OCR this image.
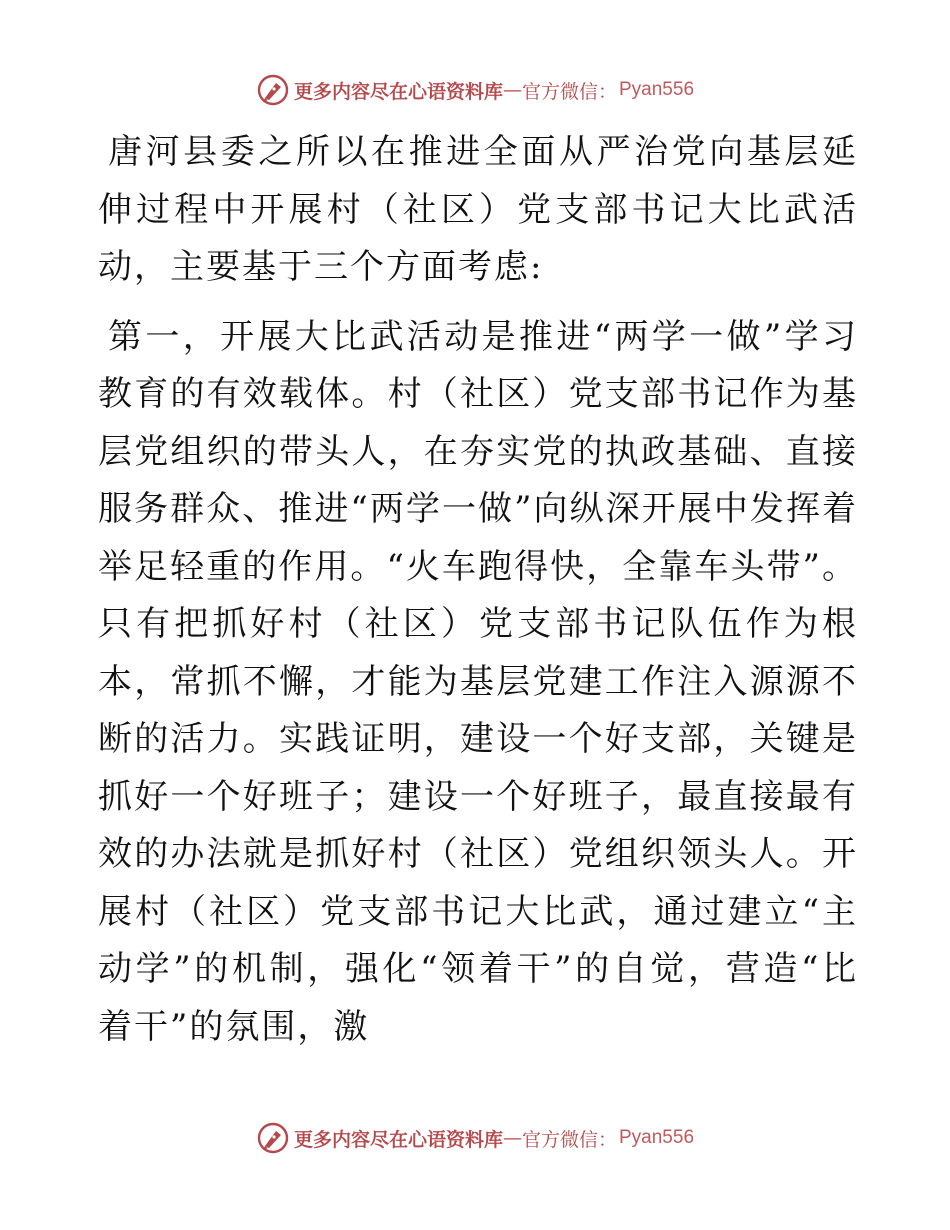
更多内容尽在心语资料库 — 官方微信： Pyan556

唐河县委之所以在推进全面从严治党向基层延伸过程中开展村（社区）党支部书记大比武活动，主要基于三个方面考虑:

第一，开展大比武活动是推进“两学一做”学习教育的有效载体。村（社区）党支部书记作为基层党组织的带头人，在夯实党的执政基础、直接服务群众、推进“两学一做”向纵深开展中发挥着举足轻重的作用。“火车跑得快，全靠车头带”。只有把抓好村（社区）党支部书记队伍作为根本，常抓不懈，才能为基层党建工作注入源源不断的活力。实践证明，建设一个好支部，关键是抓好一个好班子；建设一个好班子，最直接最有效的办法就是抓好村（社区）党组织领头人。开展村（社区）党支部书记大比武，通过建立“主动学”的机制，强化“领着干”的自觉，营造“比着干”的氛围，激

更多内容尽在心语资料库 — 官方微信： Pyan556
